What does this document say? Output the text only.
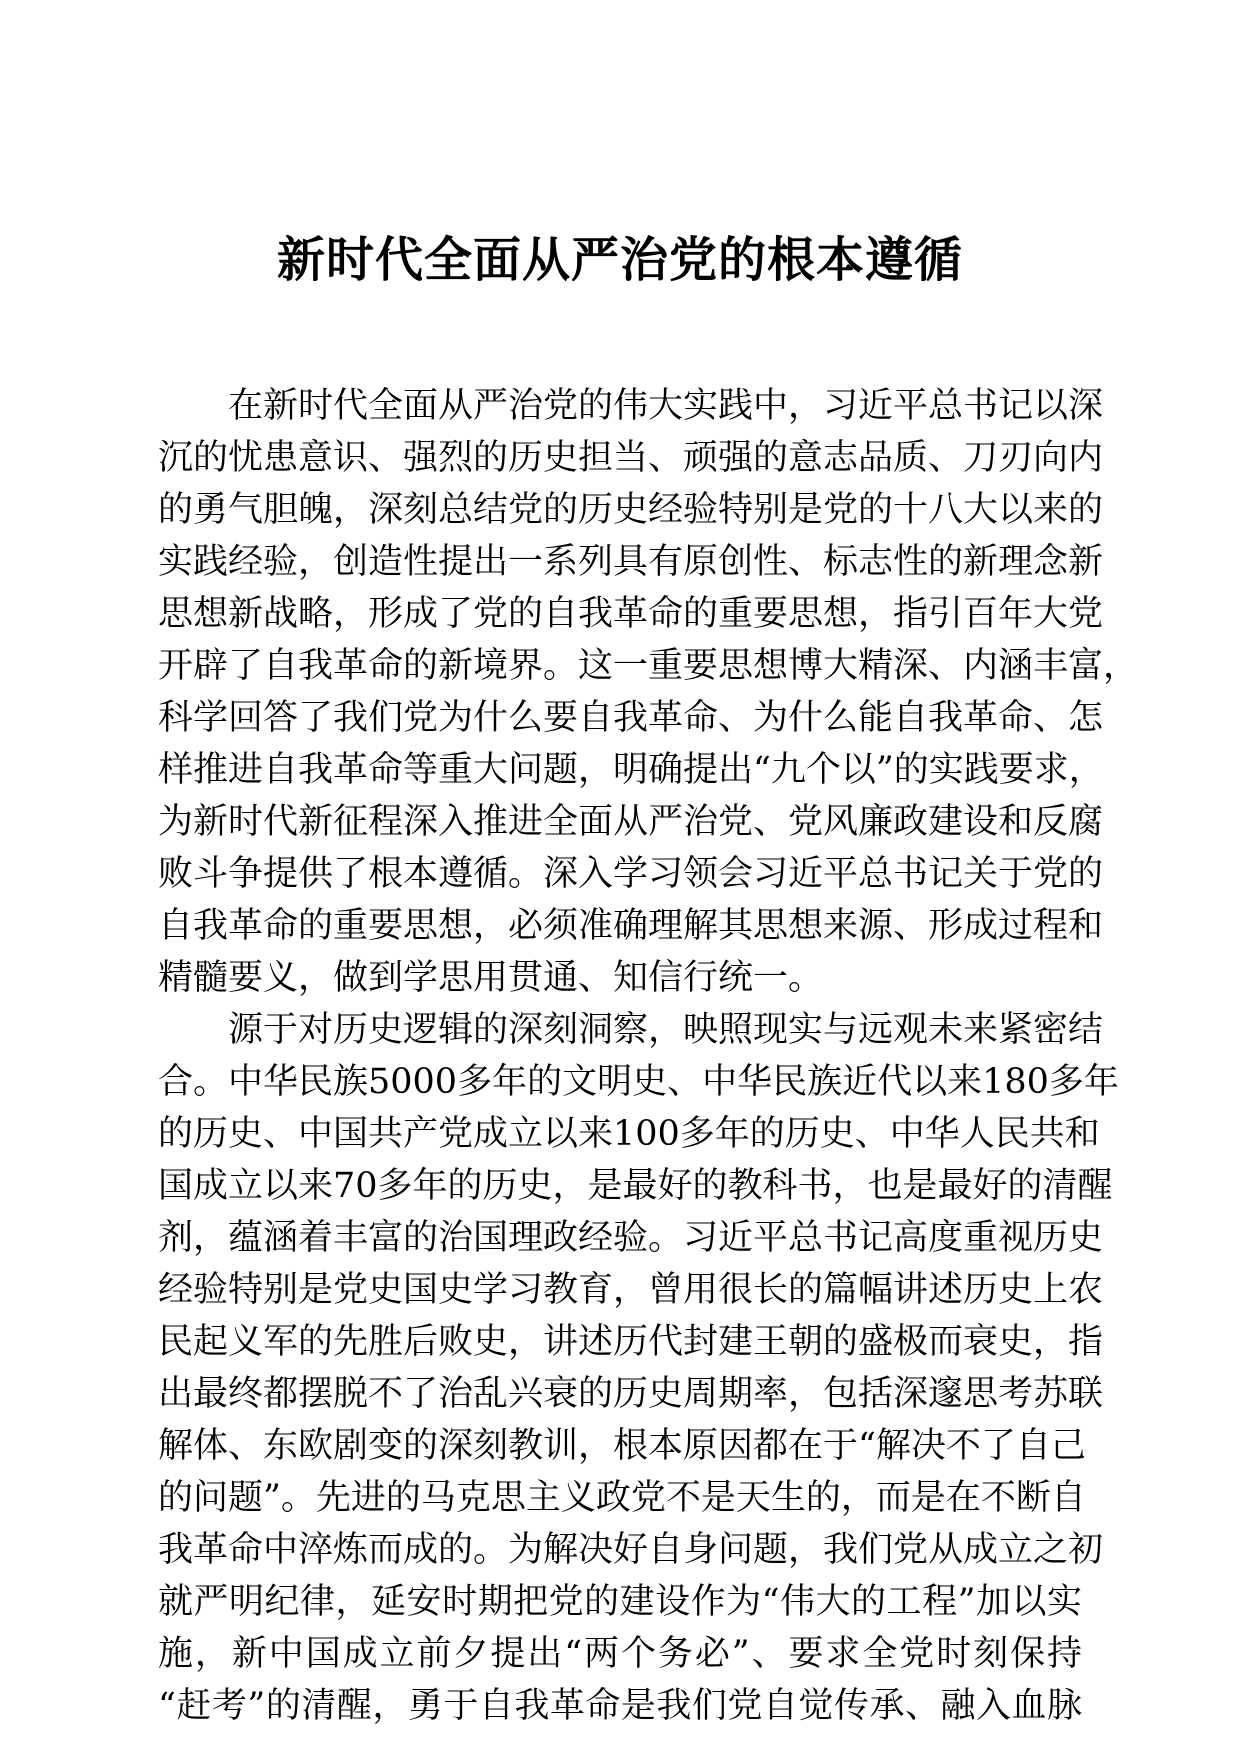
新时代全面从严治党的根本遵循
在新时代全面从严治党的伟大实践中，习近平总书记以深
沉的忧患意识、强烈的历史担当、顽强的意志品质、刀刃向内
的勇气胆魄，深刻总结党的历史经验特别是党的十八大以来的
实践经验，创造性提出一系列具有原创性、标志性的新理念新
思想新战略，形成了党的自我革命的重要思想，指引百年大党
开辟了自我革命的新境界。这一重要思想博大精深、内涵丰富，
科学回答了我们党为什么要自我革命、为什么能自我革命、怎
样推进自我革命等重大问题，明确提出“九个以”的实践要求，
为新时代新征程深入推进全面从严治党、党风廉政建设和反腐
败斗争提供了根本遵循。深入学习领会习近平总书记关于党的
自我革命的重要思想，必须准确理解其思想来源、形成过程和
精髓要义，做到学思用贯通、知信行统一。
源于对历史逻辑的深刻洞察，映照现实与远观未来紧密结
合。中华民族5000多年的文明史、中华民族近代以来180多年
的历史、中国共产党成立以来100多年的历史、中华人民共和
国成立以来70多年的历史，是最好的教科书，也是最好的清醒
剂，蕴涵着丰富的治国理政经验。习近平总书记高度重视历史
经验特别是党史国史学习教育，曾用很长的篇幅讲述历史上农
民起义军的先胜后败史，讲述历代封建王朝的盛极而衰史，指
出最终都摆脱不了治乱兴衰的历史周期率，包括深邃思考苏联
解体、东欧剧变的深刻教训，根本原因都在于“解决不了自己
的问题”。先进的马克思主义政党不是天生的，而是在不断自
我革命中淬炼而成的。为解决好自身问题，我们党从成立之初
就严明纪律，延安时期把党的建设作为“伟大的工程”加以实
施，新中国成立前夕提出“两个务必”、要求全党时刻保持
“赶考”的清醒，勇于自我革命是我们党自觉传承、融入血脉
